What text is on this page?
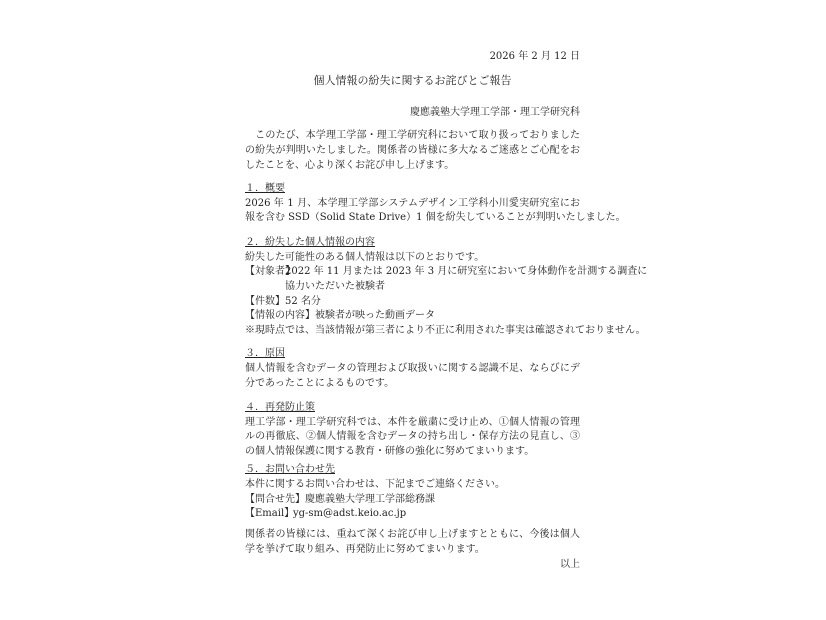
2026 年 2 月 12 日
個人情報の紛失に関するお詫びとご報告
慶應義塾大学理工学部・理工学研究科
　このたび、本学理工学部・理工学研究科において取り扱っておりました
の紛失が判明いたしました。関係者の皆様に多大なるご迷惑とご心配をお
したことを、心より深くお詫び申し上げます。
１．概要
2026 年 1 月、本学理工学部システムデザイン工学科小川愛実研究室にお
報を含む SSD（Solid State Drive）1 個を紛失していることが判明いたしました。
２．紛失した個人情報の内容
紛失した可能性のある個人情報は以下のとおりです。
【対象者】2022 年 11 月または 2023 年 3 月に研究室において身体動作を計測する調査に
協力いただいた被験者
【件数】52 名分
【情報の内容】被験者が映った動画データ
※現時点では、当該情報が第三者により不正に利用された事実は確認されておりません。
３．原因
個人情報を含むデータの管理および取扱いに関する認識不足、ならびにデ
分であったことによるものです。
４．再発防止策
理工学部・理工学研究科では、本件を厳粛に受け止め、①個人情報の管理
ルの再徹底、②個人情報を含むデータの持ち出し・保存方法の見直し、③
の個人情報保護に関する教育・研修の強化に努めてまいります。
５．お問い合わせ先
本件に関するお問い合わせは、下記までご連絡ください。
【問合せ先】慶應義塾大学理工学部総務課
【Email】yg-sm@adst.keio.ac.jp
関係者の皆様には、重ねて深くお詫び申し上げますとともに、今後は個人
学を挙げて取り組み、再発防止に努めてまいります。
以上
